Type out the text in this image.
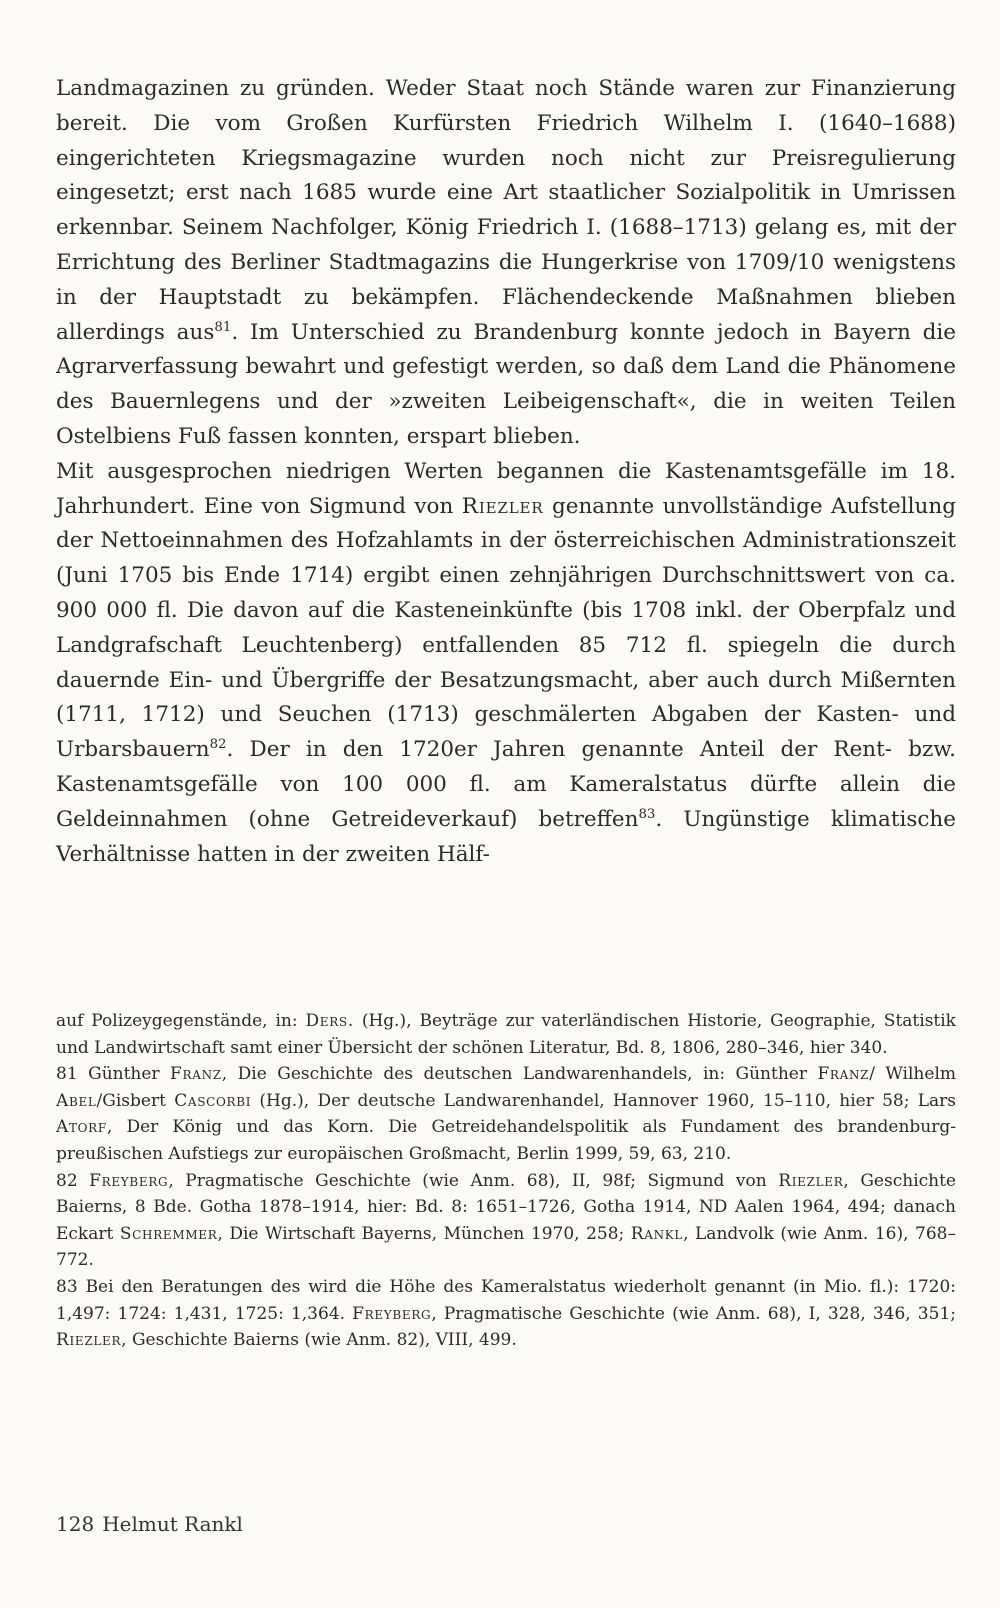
Landmagazinen zu gründen. Weder Staat noch Stände waren zur Finanzierung bereit. Die vom Großen Kurfürsten Friedrich Wilhelm I. (1640–1688) eingerichteten Kriegsmagazine wurden noch nicht zur Preisregulierung eingesetzt; erst nach 1685 wurde eine Art staatlicher Sozialpolitik in Umrissen erkennbar. Seinem Nachfolger, König Friedrich I. (1688–1713) gelang es, mit der Errichtung des Berliner Stadtmagazins die Hungerkrise von 1709/10 wenigstens in der Hauptstadt zu bekämpfen. Flächendeckende Maßnahmen blieben allerdings aus$^{81}$. Im Unterschied zu Brandenburg konnte jedoch in Bayern die Agrarverfassung bewahrt und gefestigt werden, so daß dem Land die Phänomene des Bauernlegens und der »zweiten Leibeigenschaft«, die in weiten Teilen Ostelbiens Fuß fassen konnten, erspart blieben.

Mit ausgesprochen niedrigen Werten begannen die Kastenamtsgefälle im 18. Jahrhundert. Eine von Sigmund von Riezler genannte unvollständige Aufstellung der Nettoeinnahmen des Hofzahlamts in der österreichischen Administrationszeit (Juni 1705 bis Ende 1714) ergibt einen zehnjährigen Durchschnittswert von ca. 900 000 fl. Die davon auf die Kasteneinkünfte (bis 1708 inkl. der Oberpfalz und Landgrafschaft Leuchtenberg) entfallenden 85 712 fl. spiegeln die durch dauernde Ein- und Übergriffe der Besatzungsmacht, aber auch durch Mißernten (1711, 1712) und Seuchen (1713) geschmälerten Abgaben der Kasten- und Urbarsbauern$^{82}$. Der in den 1720er Jahren genannte Anteil der Rent- bzw. Kastenamtsgefälle von 100 000 fl. am Kameralstatus dürfte allein die Geldeinnahmen (ohne Getreideverkauf) betreffen$^{83}$. Ungünstige klimatische Verhältnisse hatten in der zweiten Hälf-

auf Polizeygegenstände, in: Ders. (Hg.), Beyträge zur vaterländischen Historie, Geographie, Statistik und Landwirtschaft samt einer Übersicht der schönen Literatur, Bd. 8, 1806, 280–346, hier 340.

81 Günther Franz, Die Geschichte des deutschen Landwarenhandels, in: Günther Franz/ Wilhelm Abel/Gisbert Cascorbi (Hg.), Der deutsche Landwarenhandel, Hannover 1960, 15–110, hier 58; Lars Atorf, Der König und das Korn. Die Getreidehandelspolitik als Fundament des brandenburg-preußischen Aufstiegs zur europäischen Großmacht, Berlin 1999, 59, 63, 210.

82 Freyberg, Pragmatische Geschichte (wie Anm. 68), II, 98f; Sigmund von Riezler, Geschichte Baierns, 8 Bde. Gotha 1878–1914, hier: Bd. 8: 1651–1726, Gotha 1914, ND Aalen 1964, 494; danach Eckart Schremmer, Die Wirtschaft Bayerns, München 1970, 258; Rankl, Landvolk (wie Anm. 16), 768–772.

83 Bei den Beratungen des wird die Höhe des Kameralstatus wiederholt genannt (in Mio. fl.): 1720: 1,497: 1724: 1,431, 1725: 1,364. Freyberg, Pragmatische Geschichte (wie Anm. 68), I, 328, 346, 351; Riezler, Geschichte Baierns (wie Anm. 82), VIII, 499.

128 Helmut Rankl
